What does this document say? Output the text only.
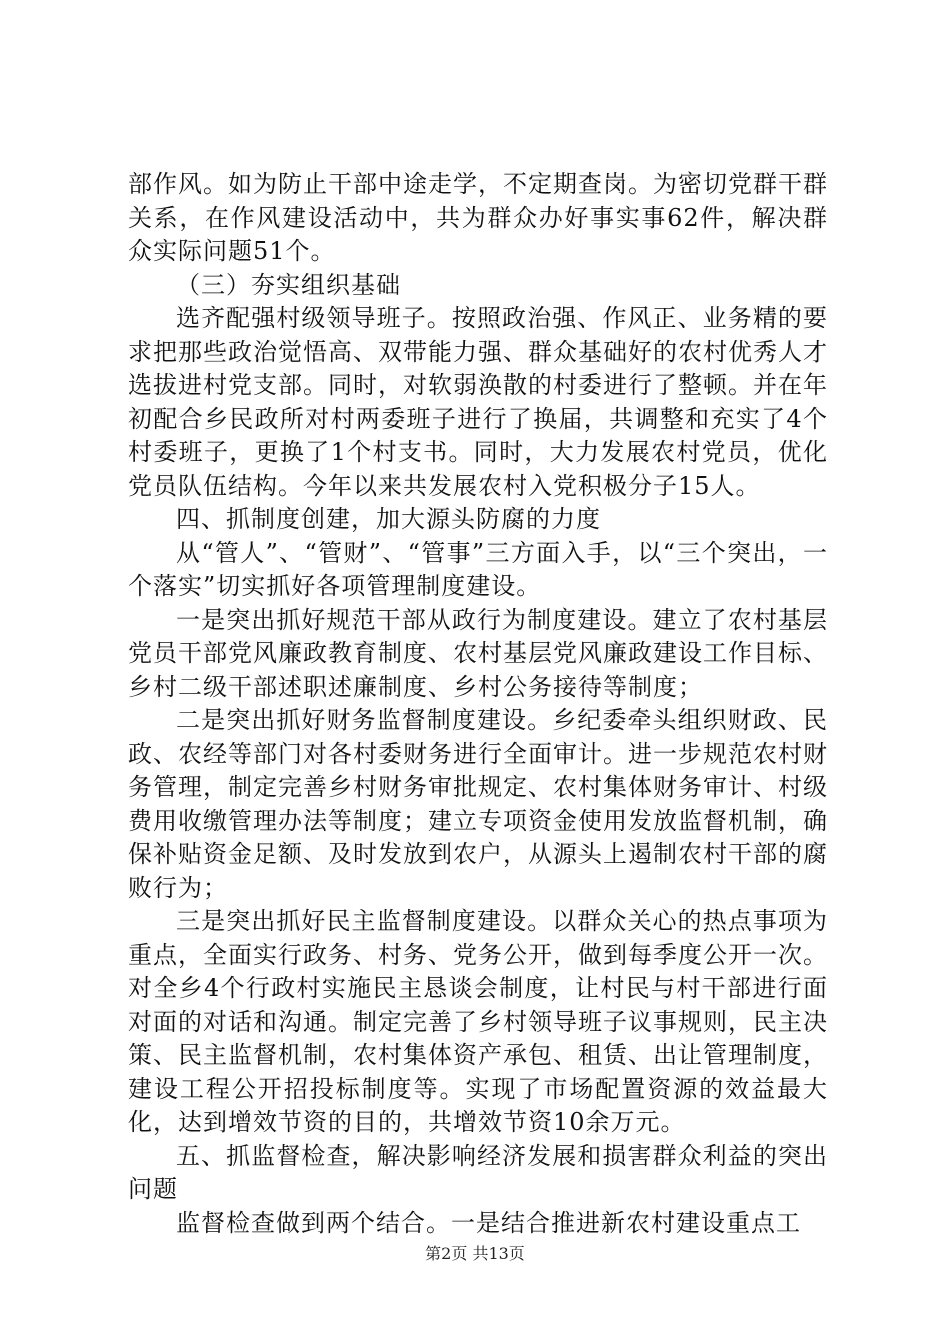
部作风。如为防止干部中途走学，不定期查岗。为密切党群干群关系，在作风建设活动中，共为群众办好事实事62件，解决群众实际问题51个。

（三）夯实组织基础

选齐配强村级领导班子。按照政治强、作风正、业务精的要求把那些政治觉悟高、双带能力强、群众基础好的农村优秀人才选拔进村党支部。同时，对软弱涣散的村委进行了整顿。并在年初配合乡民政所对村两委班子进行了换届，共调整和充实了4个村委班子，更换了1个村支书。同时，大力发展农村党员，优化党员队伍结构。今年以来共发展农村入党积极分子15人。

四、抓制度创建，加大源头防腐的力度

从“管人”、“管财”、“管事”三方面入手，以“三个突出，一个落实”切实抓好各项管理制度建设。

一是突出抓好规范干部从政行为制度建设。建立了农村基层党员干部党风廉政教育制度、农村基层党风廉政建设工作目标、乡村二级干部述职述廉制度、乡村公务接待等制度；

二是突出抓好财务监督制度建设。乡纪委牵头组织财政、民政、农经等部门对各村委财务进行全面审计。进一步规范农村财务管理，制定完善乡村财务审批规定、农村集体财务审计、村级费用收缴管理办法等制度；建立专项资金使用发放监督机制，确保补贴资金足额、及时发放到农户，从源头上遏制农村干部的腐败行为；

三是突出抓好民主监督制度建设。以群众关心的热点事项为重点，全面实行政务、村务、党务公开，做到每季度公开一次。对全乡4个行政村实施民主恳谈会制度，让村民与村干部进行面对面的对话和沟通。制定完善了乡村领导班子议事规则，民主决策、民主监督机制，农村集体资产承包、租赁、出让管理制度，建设工程公开招投标制度等。实现了市场配置资源的效益最大化，达到增效节资的目的，共增效节资10余万元。

五、抓监督检查，解决影响经济发展和损害群众利益的突出问题

监督检查做到两个结合。一是结合推进新农村建设重点工

第2页 共13页
